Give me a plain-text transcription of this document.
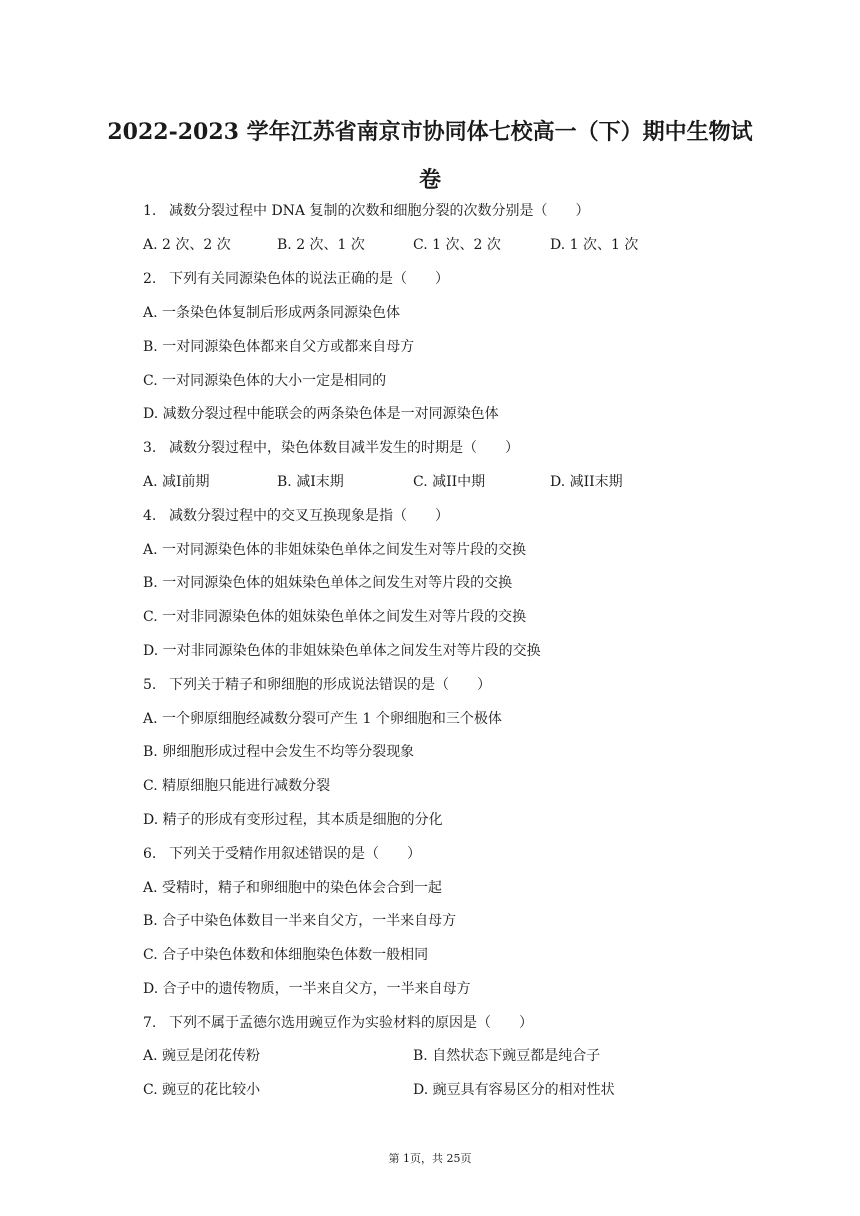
2022-2023 学年江苏省南京市协同体七校高一（下）期中生物试
卷
1. 减数分裂过程中 DNA 复制的次数和细胞分裂的次数分别是（　　）
A. 2 次、2 次	B. 2 次、1 次	C. 1 次、2 次	D. 1 次、1 次
2. 下列有关同源染色体的说法正确的是（　　）
A. 一条染色体复制后形成两条同源染色体
B. 一对同源染色体都来自父方或都来自母方
C. 一对同源染色体的大小一定是相同的
D. 减数分裂过程中能联会的两条染色体是一对同源染色体
3. 减数分裂过程中，染色体数目减半发生的时期是（　　）
A. 减I前期	B. 减I末期	C. 减II中期	D. 减II末期
4. 减数分裂过程中的交叉互换现象是指（　　）
A. 一对同源染色体的非姐妹染色单体之间发生对等片段的交换
B. 一对同源染色体的姐妹染色单体之间发生对等片段的交换
C. 一对非同源染色体的姐妹染色单体之间发生对等片段的交换
D. 一对非同源染色体的非姐妹染色单体之间发生对等片段的交换
5. 下列关于精子和卵细胞的形成说法错误的是（　　）
A. 一个卵原细胞经减数分裂可产生 1 个卵细胞和三个极体
B. 卵细胞形成过程中会发生不均等分裂现象
C. 精原细胞只能进行减数分裂
D. 精子的形成有变形过程，其本质是细胞的分化
6. 下列关于受精作用叙述错误的是（　　）
A. 受精时，精子和卵细胞中的染色体会合到一起
B. 合子中染色体数目一半来自父方，一半来自母方
C. 合子中染色体数和体细胞染色体数一般相同
D. 合子中的遗传物质，一半来自父方，一半来自母方
7. 下列不属于孟德尔选用豌豆作为实验材料的原因是（　　）
A. 豌豆是闭花传粉	B. 自然状态下豌豆都是纯合子
C. 豌豆的花比较小	D. 豌豆具有容易区分的相对性状
第 1页，共 25页
